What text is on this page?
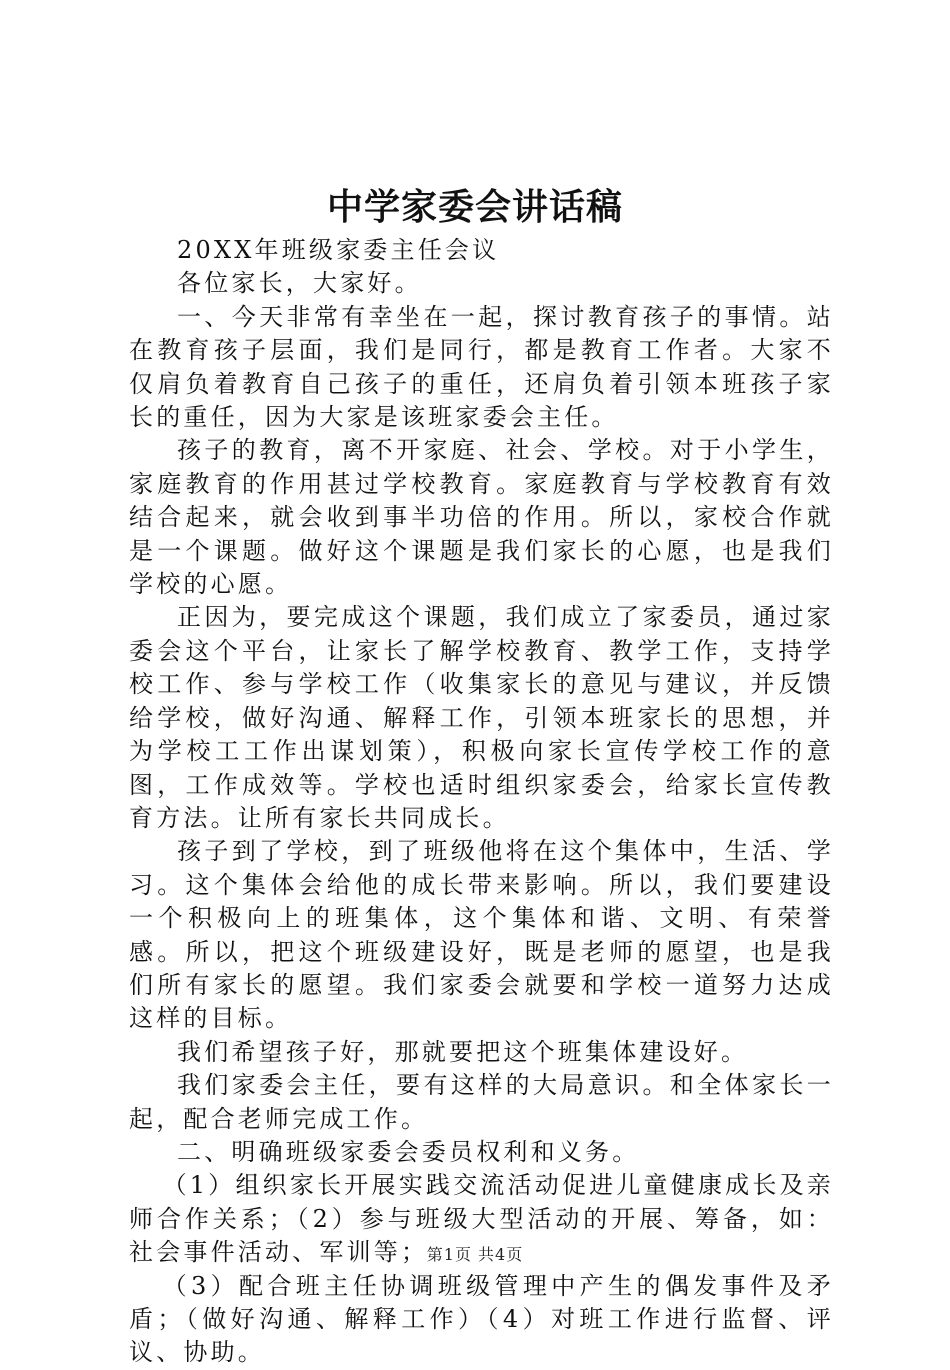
中学家委会讲话稿

20XX年班级家委主任会议

各位家长，大家好。

一、今天非常有幸坐在一起，探讨教育孩子的事情。站在教育孩子层面，我们是同行，都是教育工作者。大家不仅肩负着教育自己孩子的重任，还肩负着引领本班孩子家长的重任，因为大家是该班家委会主任。

孩子的教育，离不开家庭、社会、学校。对于小学生，家庭教育的作用甚过学校教育。家庭教育与学校教育有效结合起来，就会收到事半功倍的作用。所以，家校合作就是一个课题。做好这个课题是我们家长的心愿，也是我们学校的心愿。

正因为，要完成这个课题，我们成立了家委员，通过家委会这个平台，让家长了解学校教育、教学工作，支持学校工作、参与学校工作（收集家长的意见与建议，并反馈给学校，做好沟通、解释工作，引领本班家长的思想，并为学校工工作出谋划策），积极向家长宣传学校工作的意图，工作成效等。学校也适时组织家委会，给家长宣传教育方法。让所有家长共同成长。

孩子到了学校，到了班级他将在这个集体中，生活、学习。这个集体会给他的成长带来影响。所以，我们要建设一个积极向上的班集体，这个集体和谐、文明、有荣誉感。所以，把这个班级建设好，既是老师的愿望，也是我们所有家长的愿望。我们家委会就要和学校一道努力达成这样的目标。

我们希望孩子好，那就要把这个班集体建设好。

我们家委会主任，要有这样的大局意识。和全体家长一起，配合老师完成工作。

二、明确班级家委会委员权利和义务。

（1）组织家长开展实践交流活动促进儿童健康成长及亲师合作关系；（2）参与班级大型活动的开展、筹备，如：社会事件活动、军训等；

（3）配合班主任协调班级管理中产生的偶发事件及矛盾；（做好沟通、解释工作）（4）对班工作进行监督、评议、协助。

第1页 共4页
